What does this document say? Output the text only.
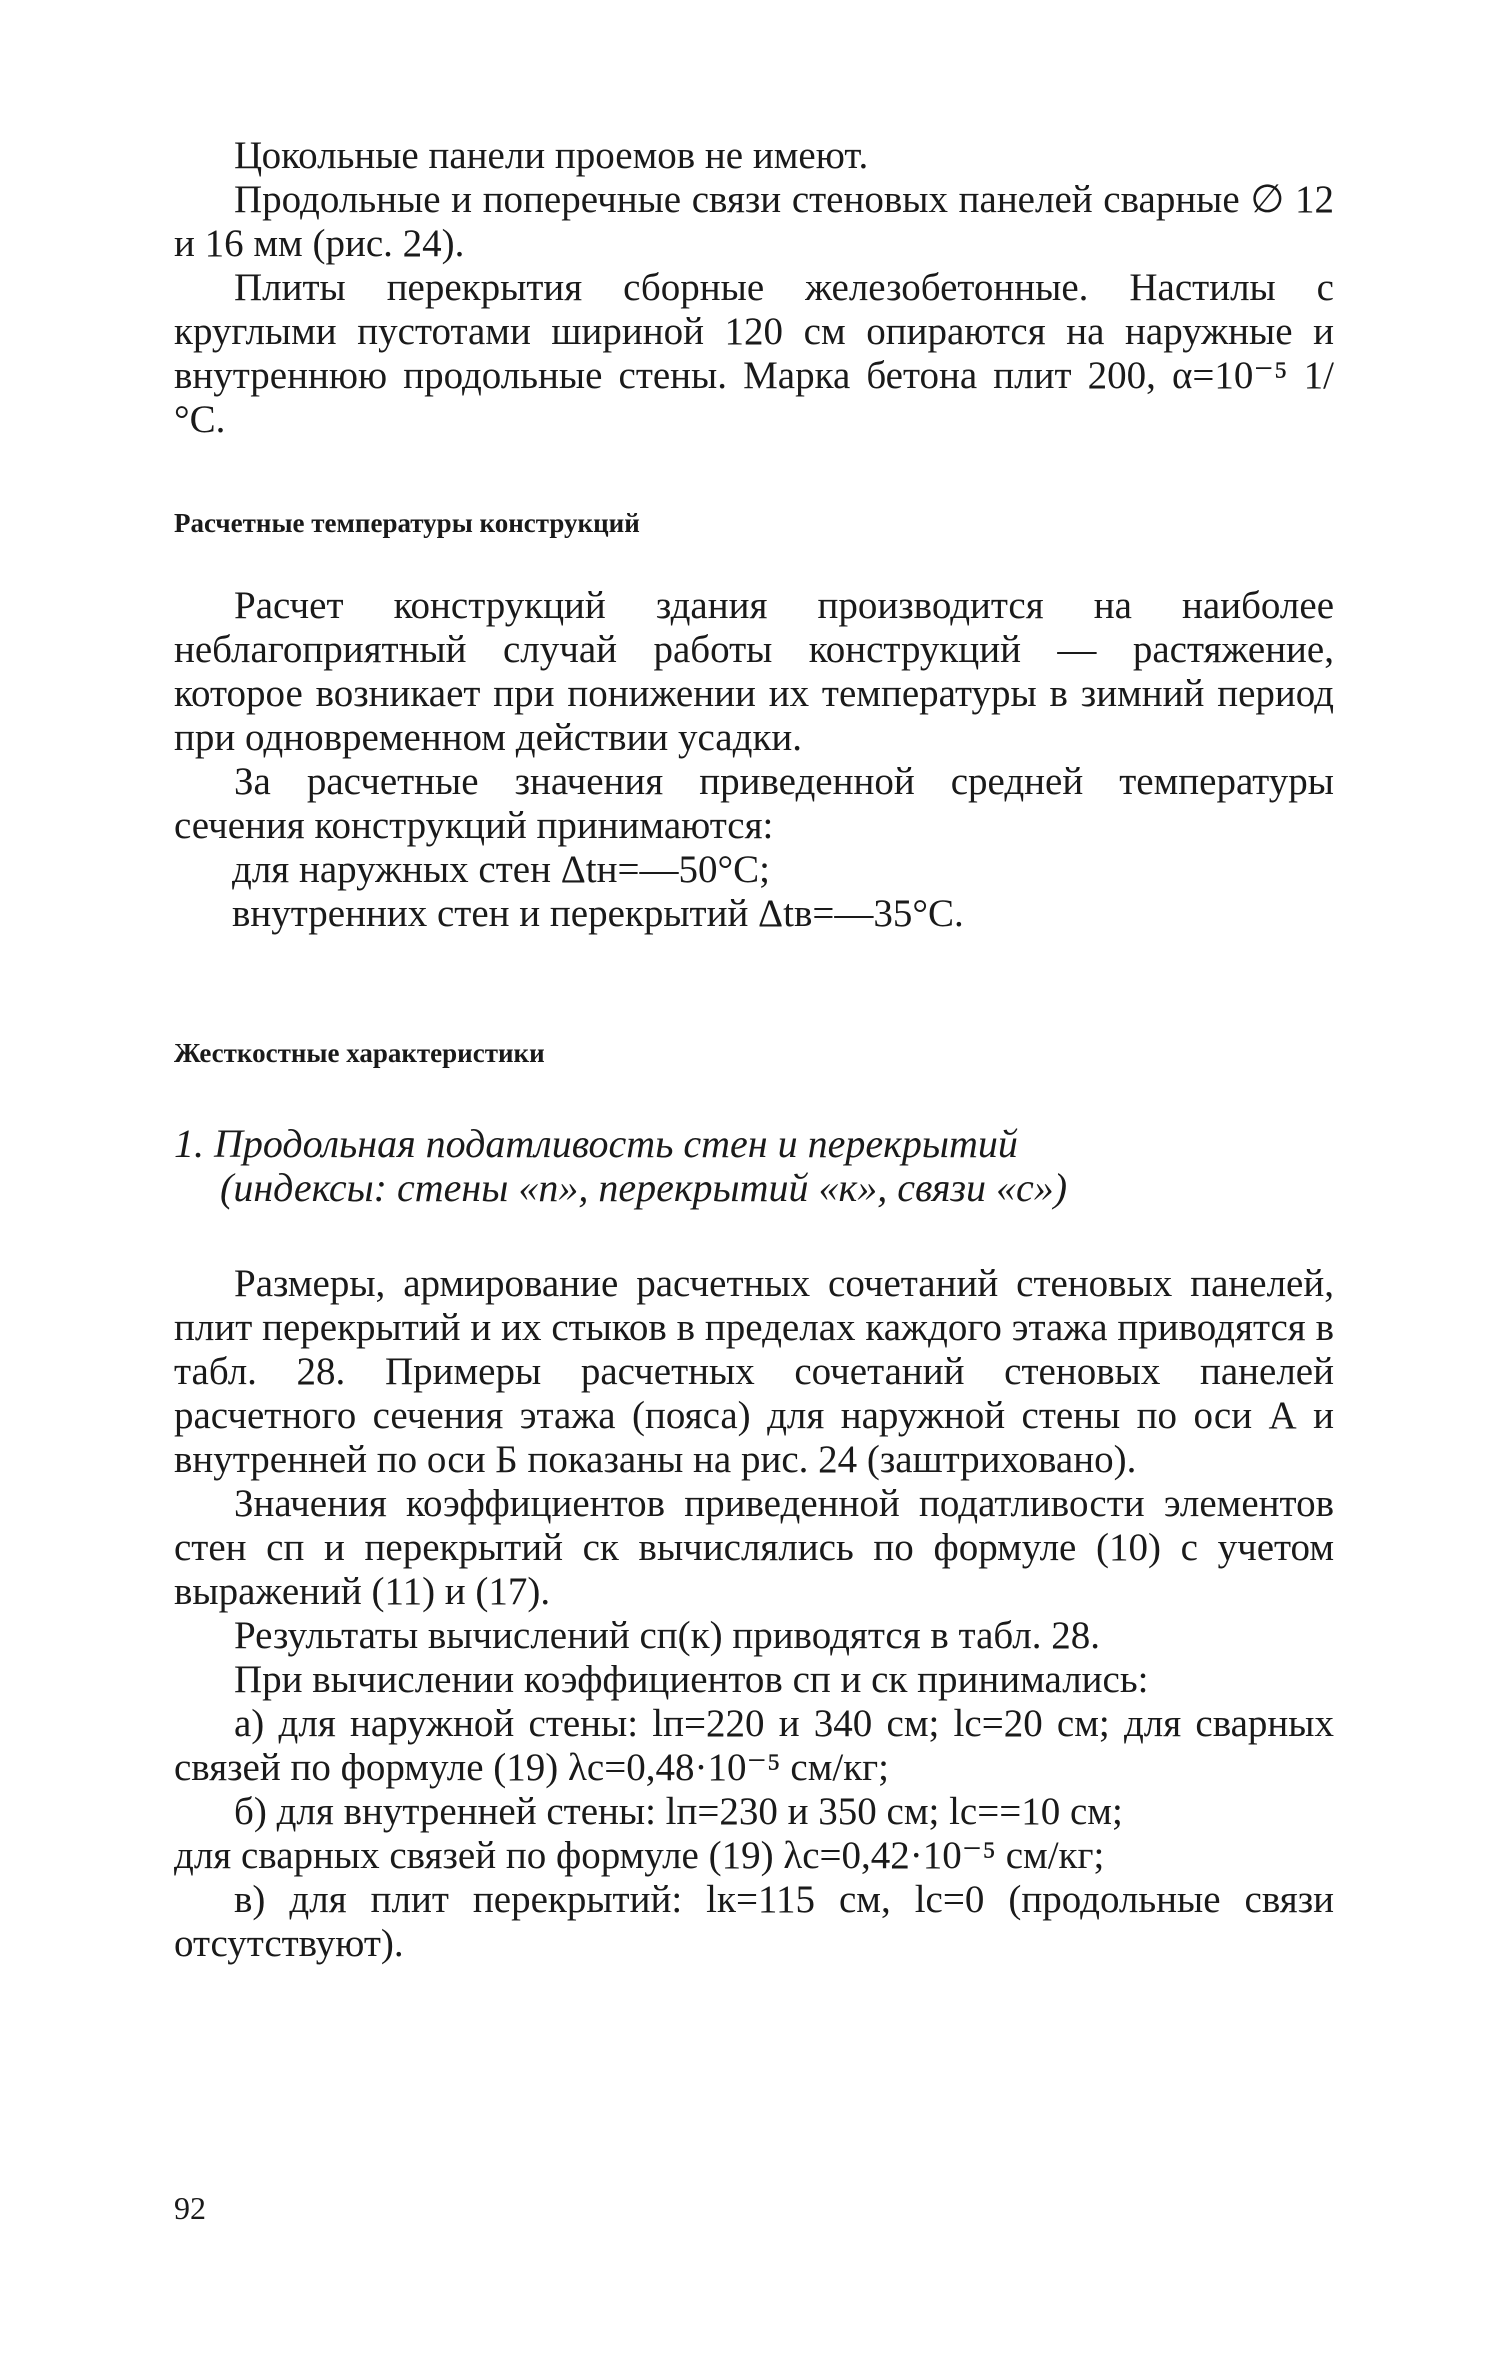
Цокольные панели проемов не имеют.

Продольные и поперечные связи стеновых панелей сварные ∅ 12 и 16 мм (рис. 24).

Плиты перекрытия сборные железобетонные. Настилы с круглыми пустотами шириной 120 см опираются на наружные и внутреннюю продольные стены. Марка бетона плит 200, α=10⁻⁵ 1/°С.

Расчетные температуры конструкций

Расчет конструкций здания производится на наиболее неблагоприятный случай работы конструкций — растяжение, которое возникает при понижении их температуры в зимний период при одновременном действии усадки.

За расчетные значения приведенной средней температуры сечения конструкций принимаются:

для наружных стен Δtн=—50°С;

внутренних стен и перекрытий Δtв=—35°С.

Жесткостные характеристики

1. Продольная податливость стен и перекрытий

(индексы: стены «п», перекрытий «к», связи «с»)

Размеры, армирование расчетных сочетаний стеновых панелей, плит перекрытий и их стыков в пределах каждого этажа приводятся в табл. 28. Примеры расчетных сочетаний стеновых панелей расчетного сечения этажа (пояса) для наружной стены по оси А и внутренней по оси Б показаны на рис. 24 (заштриховано).

Значения коэффициентов приведенной податливости элементов стен сп и перекрытий ск вычислялись по формуле (10) с учетом выражений (11) и (17).

Результаты вычислений сп(к) приводятся в табл. 28.

При вычислении коэффициентов сп и ск принимались:

а) для наружной стены: lп=220 и 340 см; lс=20 см; для сварных связей по формуле (19) λс=0,48·10⁻⁵ см/кг;

б) для внутренней стены: lп=230 и 350 см; lс==10 см;

для сварных связей по формуле (19) λс=0,42·10⁻⁵ см/кг;

в) для плит перекрытий: lк=115 см, lс=0 (продольные связи отсутствуют).

92
